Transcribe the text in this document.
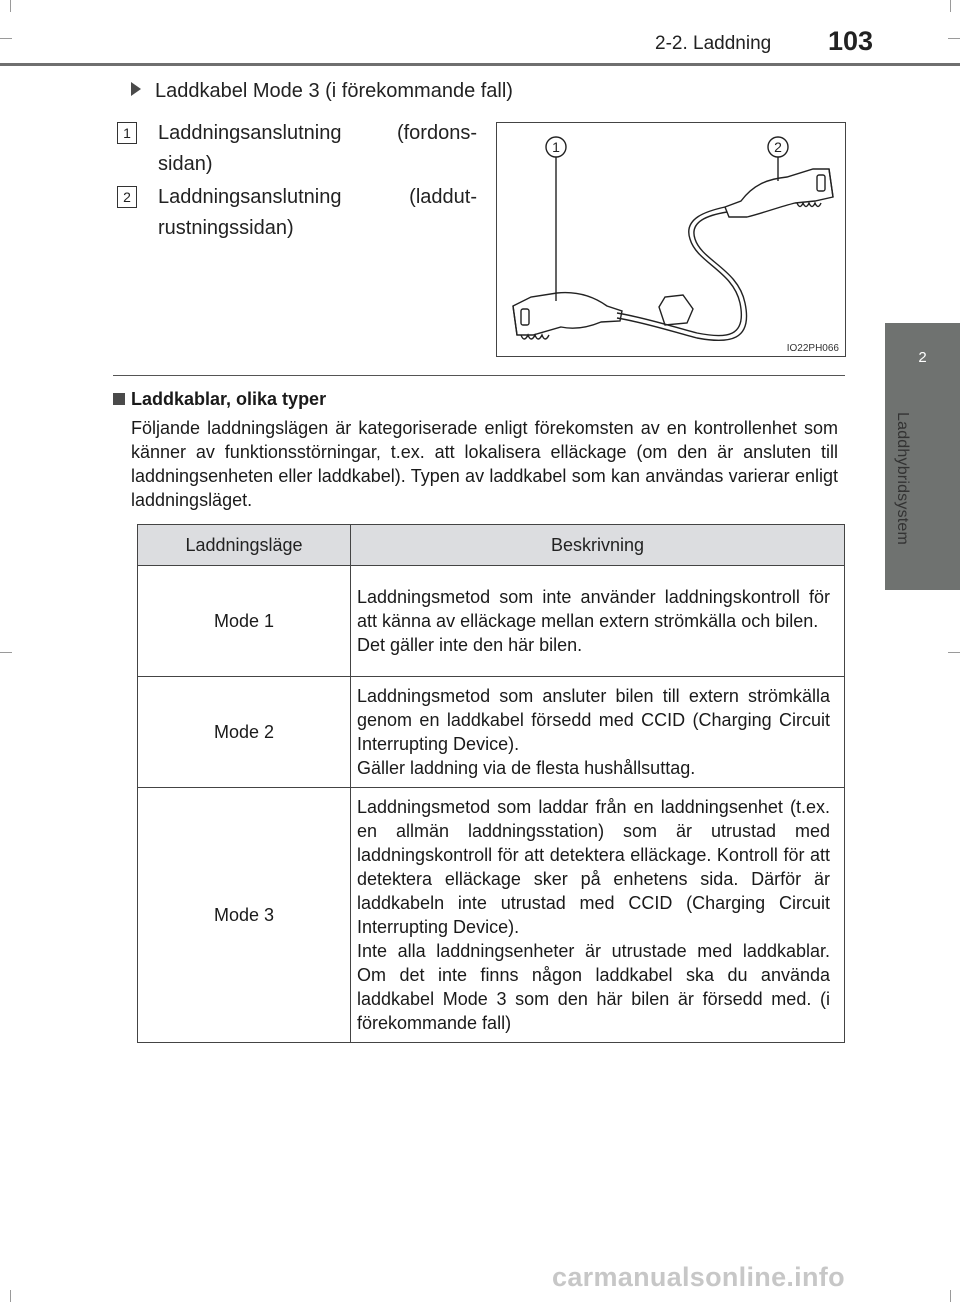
2-2. Laddning 103
2
Laddhybridsystem
Laddkabel Mode 3 (i förekommande fall)
1	Laddningsanslutning (fordons-
sidan)
2	Laddningsanslutning (laddut-
rustningssidan)
1	2
IO22PH066
Laddkablar, olika typer
Följande laddningslägen är kategoriserade enligt förekomsten av en kontrollenhet som känner av funktionsstörningar, t.ex. att lokalisera elläckage (om den är ansluten till laddningsenheten eller laddkabel). Typen av laddkabel som kan användas varierar enligt laddningsläget.
Laddningsläge	Beskrivning
Mode 1	Laddningsmetod som inte använder laddningskontroll för att känna av elläckage mellan extern strömkälla och bilen.
Det gäller inte den här bilen.

Mode 2	Laddningsmetod som ansluter bilen till extern strömkälla genom en laddkabel försedd med CCID (Charging Circuit Interrupting Device).
Gäller laddning via de flesta hushållsuttag.

Mode 3	Laddningsmetod som laddar från en laddningsenhet (t.ex. en allmän laddningsstation) som är utrustad med laddningskontroll för att detektera elläckage. Kontroll för att detektera elläckage sker på enhetens sida. Därför är laddkabeln inte utrustad med CCID (Charging Circuit Interrupting Device).
Inte alla laddningsenheter är utrustade med laddkablar. Om det inte finns någon laddkabel ska du använda laddkabel Mode 3 som den här bilen är försedd med. (i förekommande fall)
carmanualsonline.info
